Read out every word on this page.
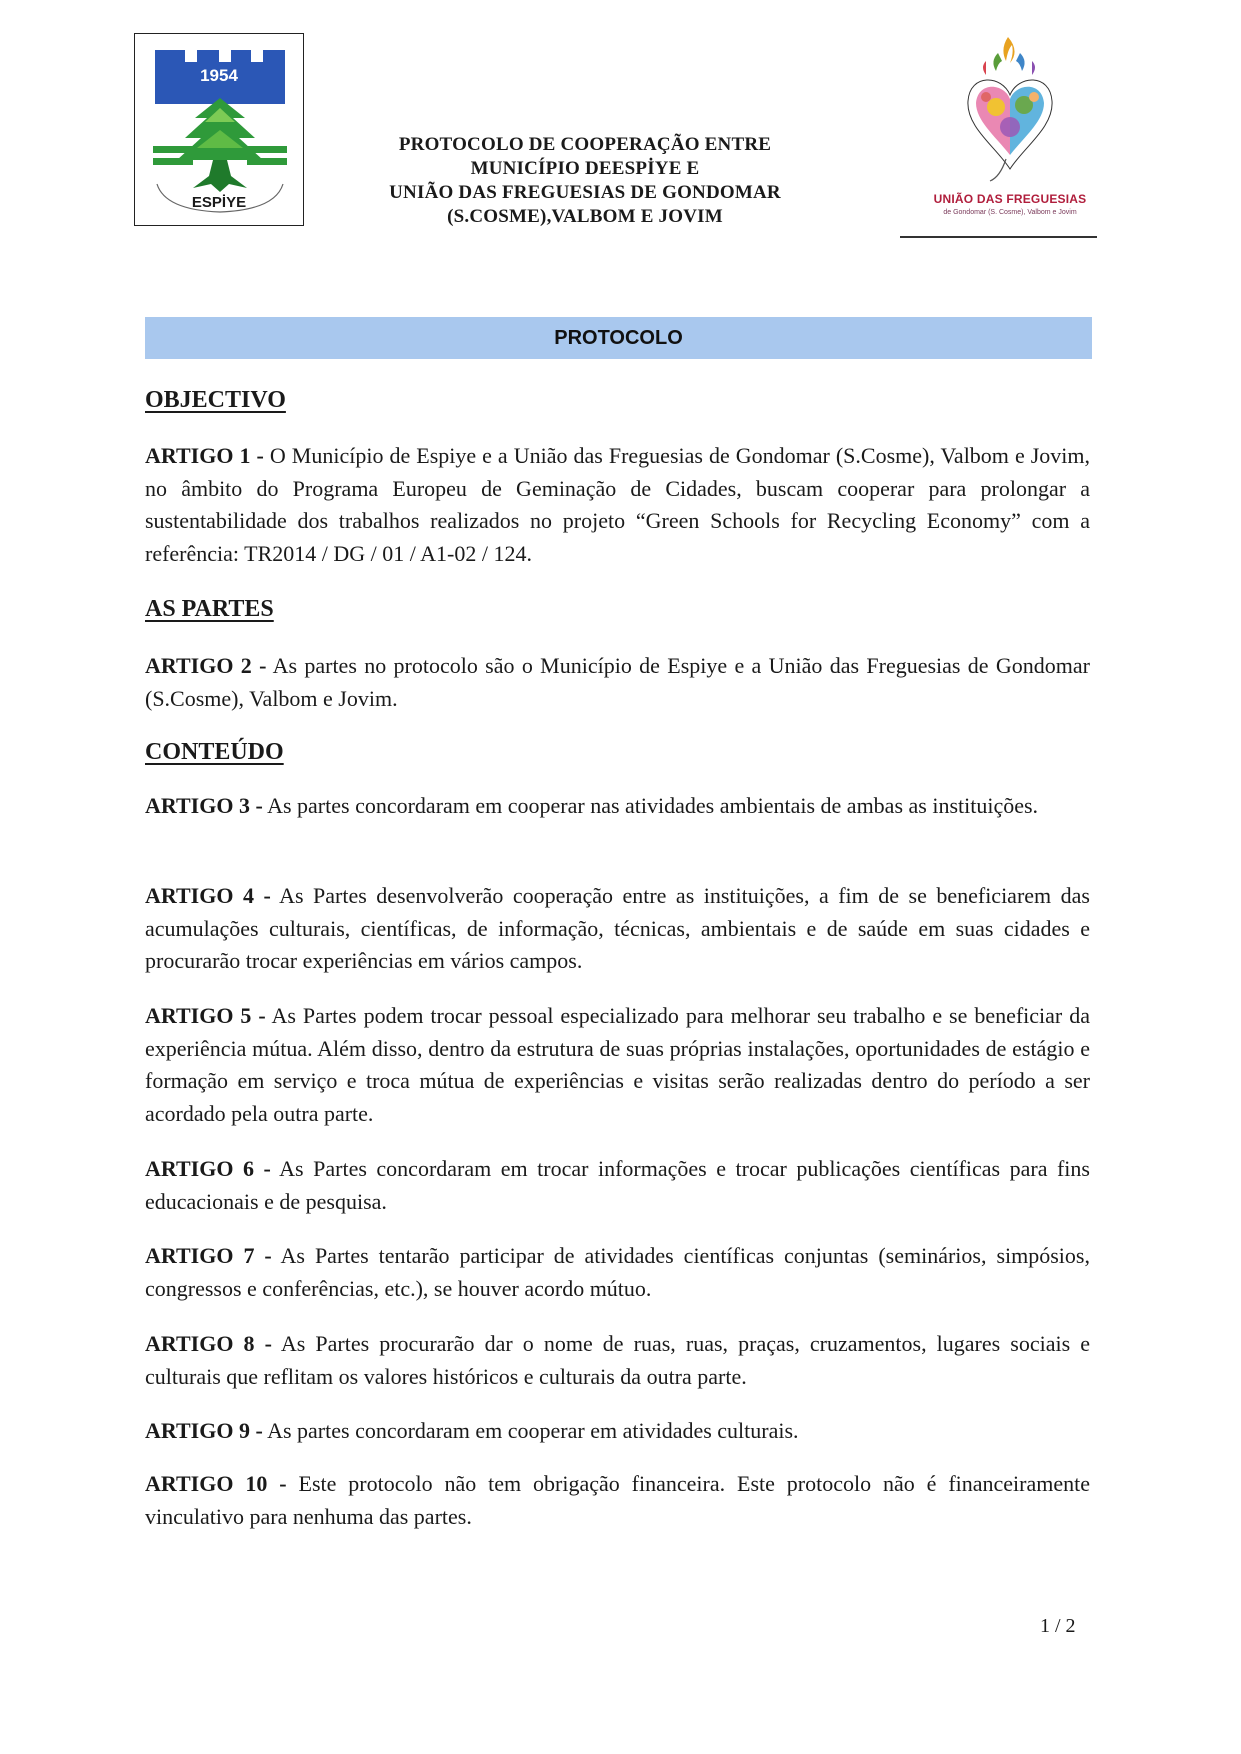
1954
ESPİYE
PROTOCOLO DE COOPERAÇÃO ENTRE
MUNICÍPIO DEESPİYE E
UNIÃO DAS FREGUESIAS DE GONDOMAR
(S.COSME),VALBOM E JOVIM
UNIÃO DAS FREGUESIAS
de Gondomar (S. Cosme), Valbom e Jovim
PROTOCOLO
OBJECTIVO
ARTIGO 1 - O Município de Espiye e a União das Freguesias de Gondomar (S.Cosme), Valbom e Jovim, no âmbito do Programa Europeu de Geminação de Cidades, buscam cooperar para prolongar a sustentabilidade dos trabalhos realizados no projeto “Green Schools for Recycling Economy” com a referência: TR2014 / DG / 01 / A1-02 / 124.
AS PARTES
ARTIGO 2 - As partes no protocolo são o Município de Espiye e a União das Freguesias de Gondomar (S.Cosme), Valbom e Jovim.
CONTEÚDO
ARTIGO 3 - As partes concordaram em cooperar nas atividades ambientais de ambas as instituições.
ARTIGO 4 - As Partes desenvolverão cooperação entre as instituições, a fim de se beneficiarem das acumulações culturais, científicas, de informação, técnicas, ambientais e de saúde em suas cidades e procurarão trocar experiências em vários campos.
ARTIGO 5 - As Partes podem trocar pessoal especializado para melhorar seu trabalho e se beneficiar da experiência mútua. Além disso, dentro da estrutura de suas próprias instalações, oportunidades de estágio e formação em serviço e troca mútua de experiências e visitas serão realizadas dentro do período a ser acordado pela outra parte.
ARTIGO 6 - As Partes concordaram em trocar informações e trocar publicações científicas para fins educacionais e de pesquisa.
ARTIGO 7 - As Partes tentarão participar de atividades científicas conjuntas (seminários, simpósios, congressos e conferências, etc.), se houver acordo mútuo.
ARTIGO 8 - As Partes procurarão dar o nome de ruas, ruas, praças, cruzamentos, lugares sociais e culturais que reflitam os valores históricos e culturais da outra parte.
ARTIGO 9 - As partes concordaram em cooperar em atividades culturais.
ARTIGO 10 - Este protocolo não tem obrigação financeira. Este protocolo não é financeiramente vinculativo para nenhuma das partes.
1 / 2
